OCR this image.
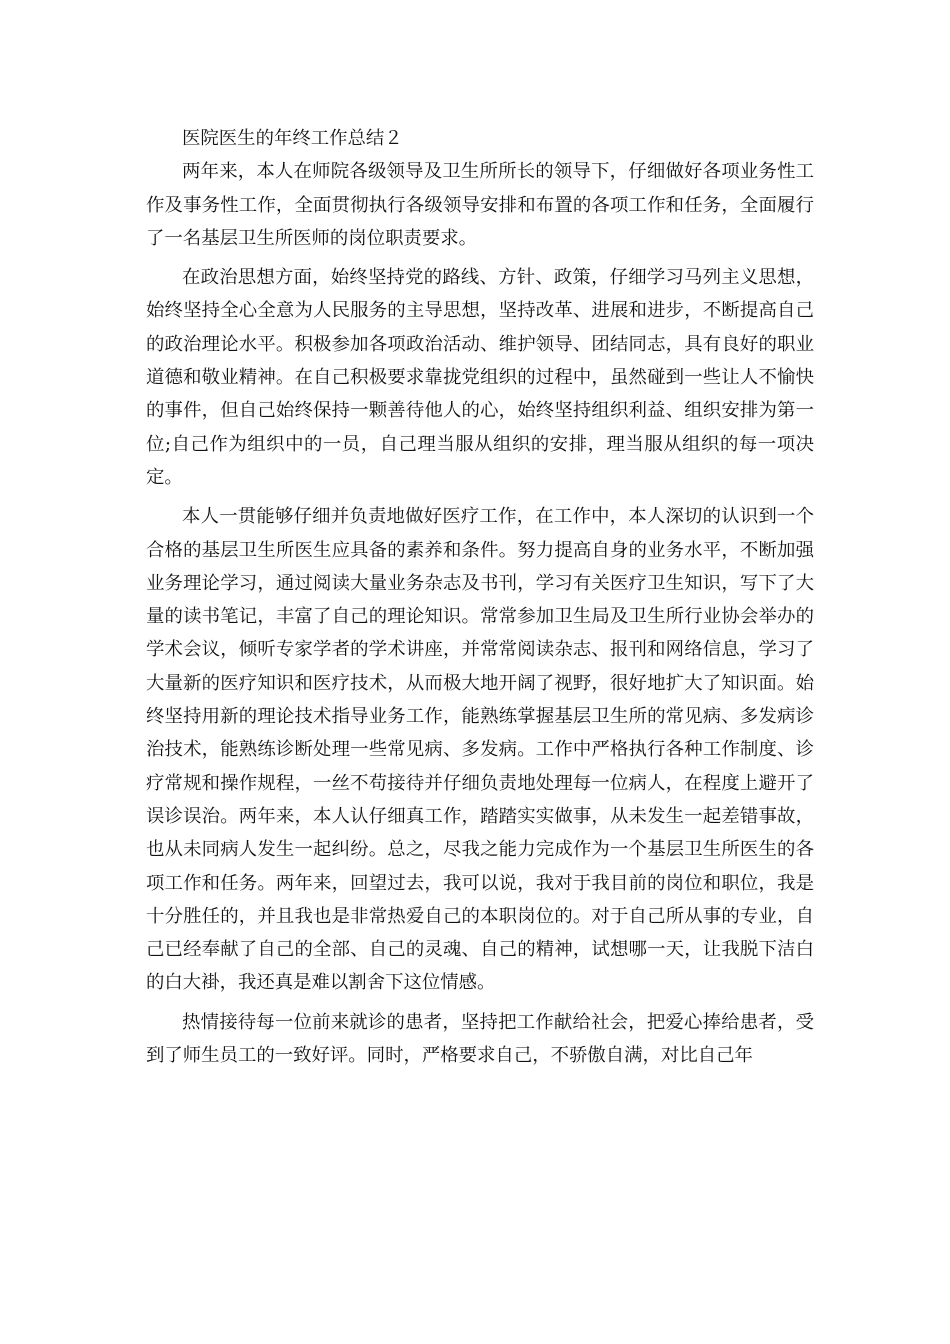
医院医生的年终工作总结２

两年来，本人在师院各级领导及卫生所所长的领导下，仔细做好各项业务性工作及事务性工作，全面贯彻执行各级领导安排和布置的各项工作和任务，全面履行了一名基层卫生所医师的岗位职责要求。

在政治思想方面，始终坚持党的路线、方针、政策，仔细学习马列主义思想，始终坚持全心全意为人民服务的主导思想，坚持改革、进展和进步，不断提高自己的政治理论水平。积极参加各项政治活动、维护领导、团结同志，具有良好的职业道德和敬业精神。在自己积极要求靠拢党组织的过程中，虽然碰到一些让人不愉快的事件，但自己始终保持一颗善待他人的心，始终坚持组织利益、组织安排为第一位;自己作为组织中的一员，自己理当服从组织的安排，理当服从组织的每一项决定。

本人一贯能够仔细并负责地做好医疗工作，在工作中，本人深切的认识到一个合格的基层卫生所医生应具备的素养和条件。努力提高自身的业务水平，不断加强业务理论学习，通过阅读大量业务杂志及书刊，学习有关医疗卫生知识，写下了大量的读书笔记，丰富了自己的理论知识。常常参加卫生局及卫生所行业协会举办的学术会议，倾听专家学者的学术讲座，并常常阅读杂志、报刊和网络信息，学习了大量新的医疗知识和医疗技术，从而极大地开阔了视野，很好地扩大了知识面。始终坚持用新的理论技术指导业务工作，能熟练掌握基层卫生所的常见病、多发病诊治技术，能熟练诊断处理一些常见病、多发病。工作中严格执行各种工作制度、诊疗常规和操作规程，一丝不苟接待并仔细负责地处理每一位病人，在程度上避开了误诊误治。两年来，本人认仔细真工作，踏踏实实做事，从未发生一起差错事故，也从未同病人发生一起纠纷。总之，尽我之能力完成作为一个基层卫生所医生的各项工作和任务。两年来，回望过去，我可以说，我对于我目前的岗位和职位，我是十分胜任的，并且我也是非常热爱自己的本职岗位的。对于自己所从事的专业，自己已经奉献了自己的全部、自己的灵魂、自己的精神，试想哪一天，让我脱下洁白的白大褂，我还真是难以割舍下这位情感。

热情接待每一位前来就诊的患者，坚持把工作献给社会，把爱心捧给患者，受到了师生员工的一致好评。同时，严格要求自己，不骄傲自满，对比自己年
